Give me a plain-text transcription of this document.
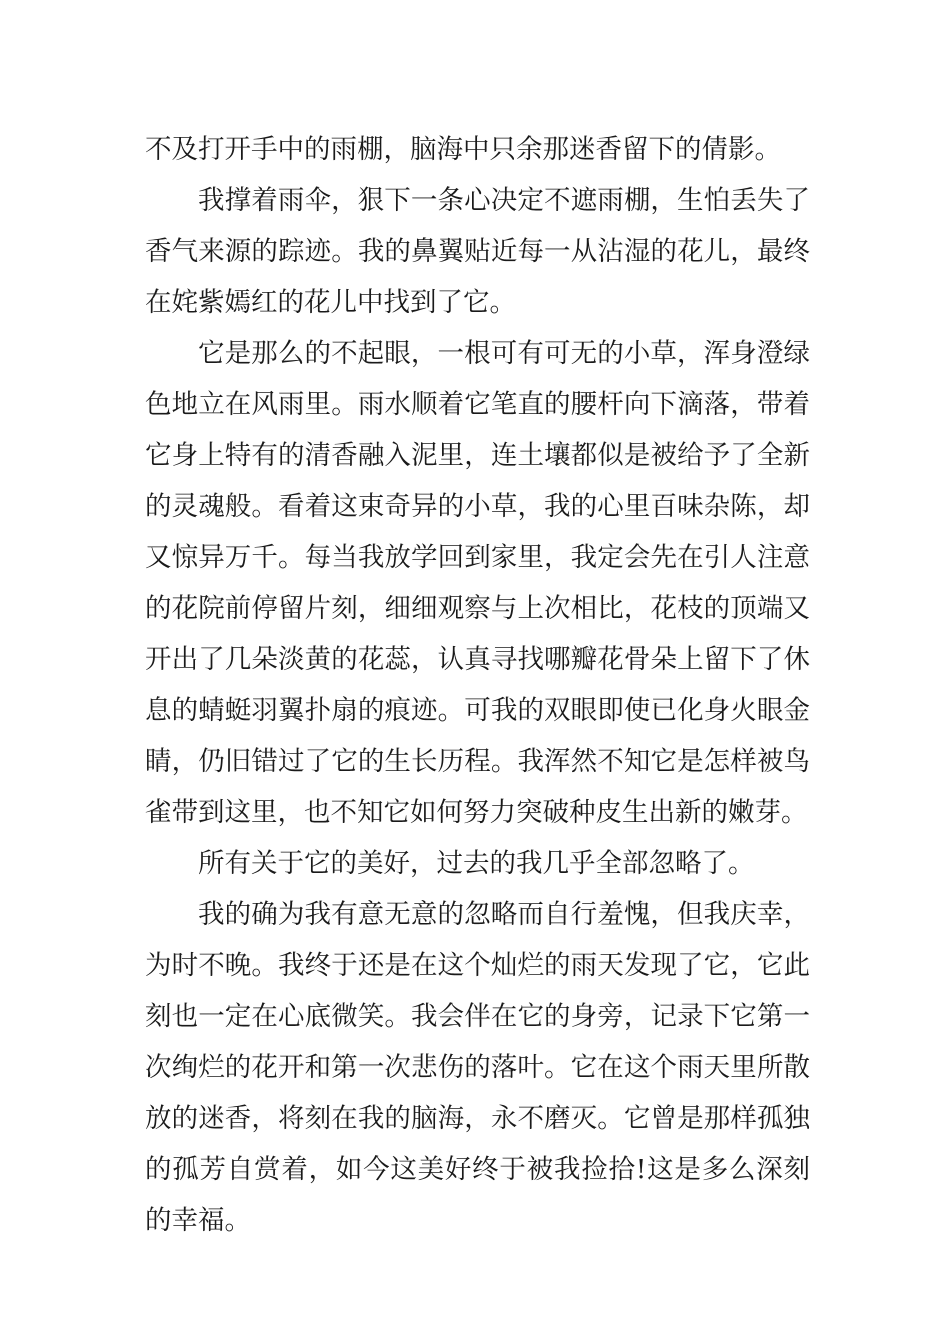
不及打开手中的雨棚，脑海中只余那迷香留下的倩影。

我撑着雨伞，狠下一条心决定不遮雨棚，生怕丢失了香气来源的踪迹。我的鼻翼贴近每一从沾湿的花儿，最终在姹紫嫣红的花儿中找到了它。

它是那么的不起眼，一根可有可无的小草，浑身澄绿色地立在风雨里。雨水顺着它笔直的腰杆向下滴落，带着它身上特有的清香融入泥里，连土壤都似是被给予了全新的灵魂般。看着这束奇异的小草，我的心里百味杂陈，却又惊异万千。每当我放学回到家里，我定会先在引人注意的花院前停留片刻，细细观察与上次相比，花枝的顶端又开出了几朵淡黄的花蕊，认真寻找哪瓣花骨朵上留下了休息的蜻蜓羽翼扑扇的痕迹。可我的双眼即使已化身火眼金睛，仍旧错过了它的生长历程。我浑然不知它是怎样被鸟雀带到这里，也不知它如何努力突破种皮生出新的嫩芽。

所有关于它的美好，过去的我几乎全部忽略了。

我的确为我有意无意的忽略而自行羞愧，但我庆幸，为时不晚。我终于还是在这个灿烂的雨天发现了它，它此刻也一定在心底微笑。我会伴在它的身旁，记录下它第一次绚烂的花开和第一次悲伤的落叶。它在这个雨天里所散放的迷香，将刻在我的脑海，永不磨灭。它曾是那样孤独的孤芳自赏着，如今这美好终于被我捡拾!这是多么深刻的幸福。
